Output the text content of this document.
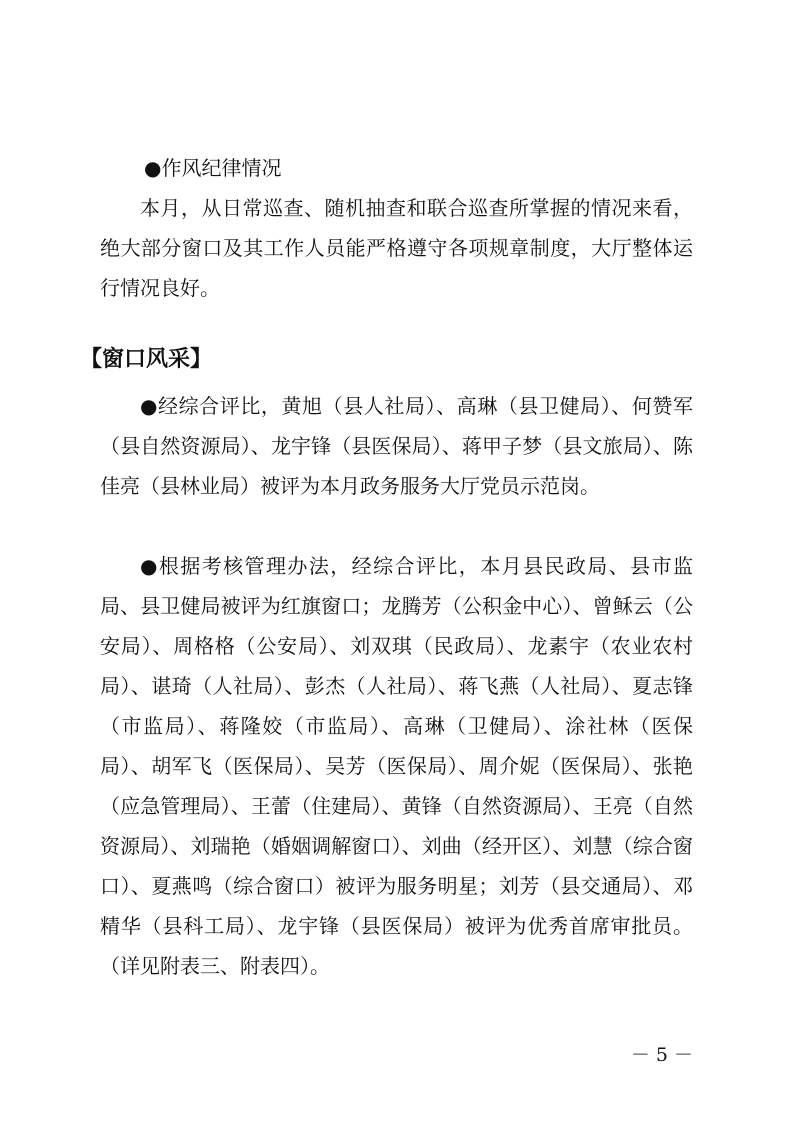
●作风纪律情况
本月，从日常巡查、随机抽查和联合巡查所掌握的情况来看，绝大部分窗口及其工作人员能严格遵守各项规章制度，大厅整体运行情况良好。
【窗口风采】
●经综合评比，黄旭（县人社局）、高琳（县卫健局）、何赞军（县自然资源局）、龙宇锋（县医保局）、蒋甲子梦（县文旅局）、陈佳亮（县林业局）被评为本月政务服务大厅党员示范岗。
●根据考核管理办法，经综合评比，本月县民政局、县市监局、县卫健局被评为红旗窗口；龙腾芳（公积金中心）、曾稣云（公安局）、周格格（公安局）、刘双琪（民政局）、龙素宇（农业农村局）、谌琦（人社局）、彭杰（人社局）、蒋飞燕（人社局）、夏志锋（市监局）、蒋隆姣（市监局）、高琳（卫健局）、涂社林（医保局）、胡军飞（医保局）、吴芳（医保局）、周介妮（医保局）、张艳（应急管理局）、王蕾（住建局）、黄锋（自然资源局）、王亮（自然资源局）、刘瑞艳（婚姻调解窗口）、刘曲（经开区）、刘慧（综合窗口）、夏燕鸣（综合窗口）被评为服务明星；刘芳（县交通局）、邓精华（县科工局）、龙宇锋（县医保局）被评为优秀首席审批员。（详见附表三、附表四）。
－ 5 －
